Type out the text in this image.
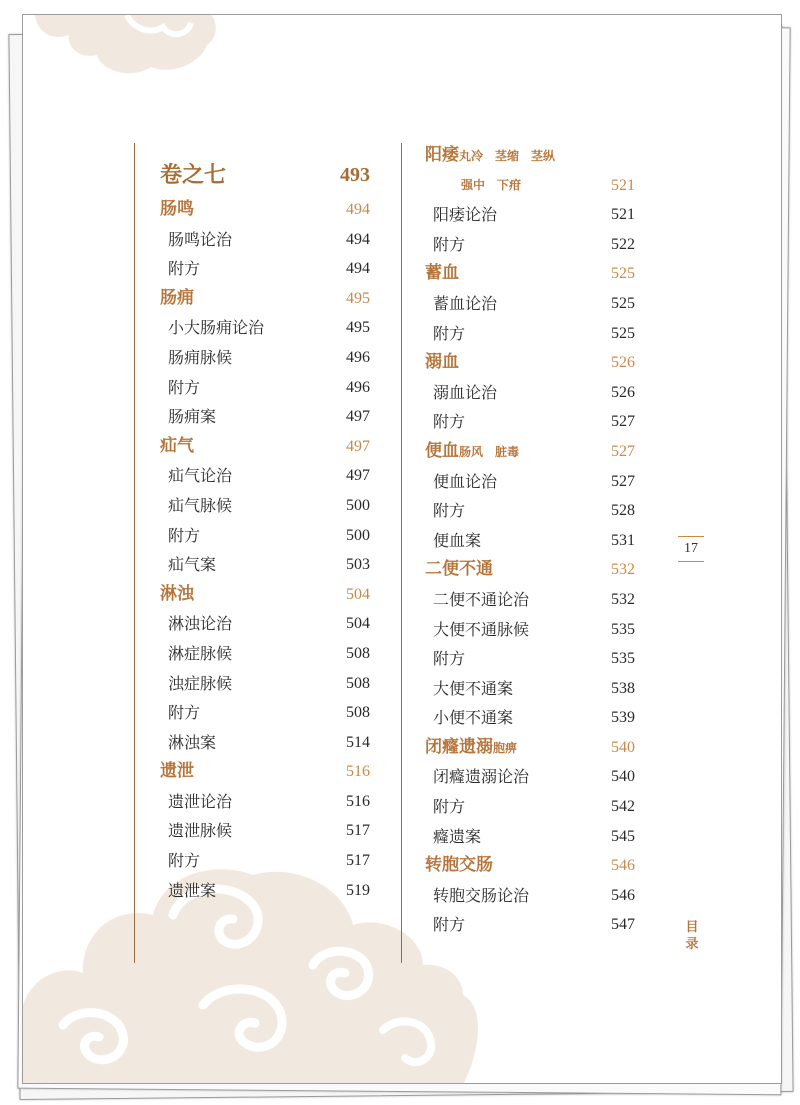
卷之七	493
肠鸣	494
肠鸣论治	494
附方	494
肠痈	495
小大肠痈论治	495
肠痈脉候	496
附方	496
肠痈案	497
疝气	497
疝气论治	497
疝气脉候	500
附方	500
疝气案	503
淋浊	504
淋浊论治	504
淋症脉候	508
浊症脉候	508
附方	508
淋浊案	514
遗泄	516
遗泄论治	516
遗泄脉候	517
附方	517
遗泄案	519
阳痿丸冷　茎缩　茎纵
强中　下疳	521
阳痿论治	521
附方	522
蓄血	525
蓄血论治	525
附方	525
溺血	526
溺血论治	526
附方	527
便血肠风　脏毒	527
便血论治	527
附方	528
便血案	531
二便不通	532
二便不通论治	532
大便不通脉候	535
附方	535
大便不通案	538
小便不通案	539
闭癃遗溺胞痹	540
闭癃遗溺论治	540
附方	542
癃遗案	545
转胞交肠	546
转胞交肠论治	546
附方	547
17
目
录
